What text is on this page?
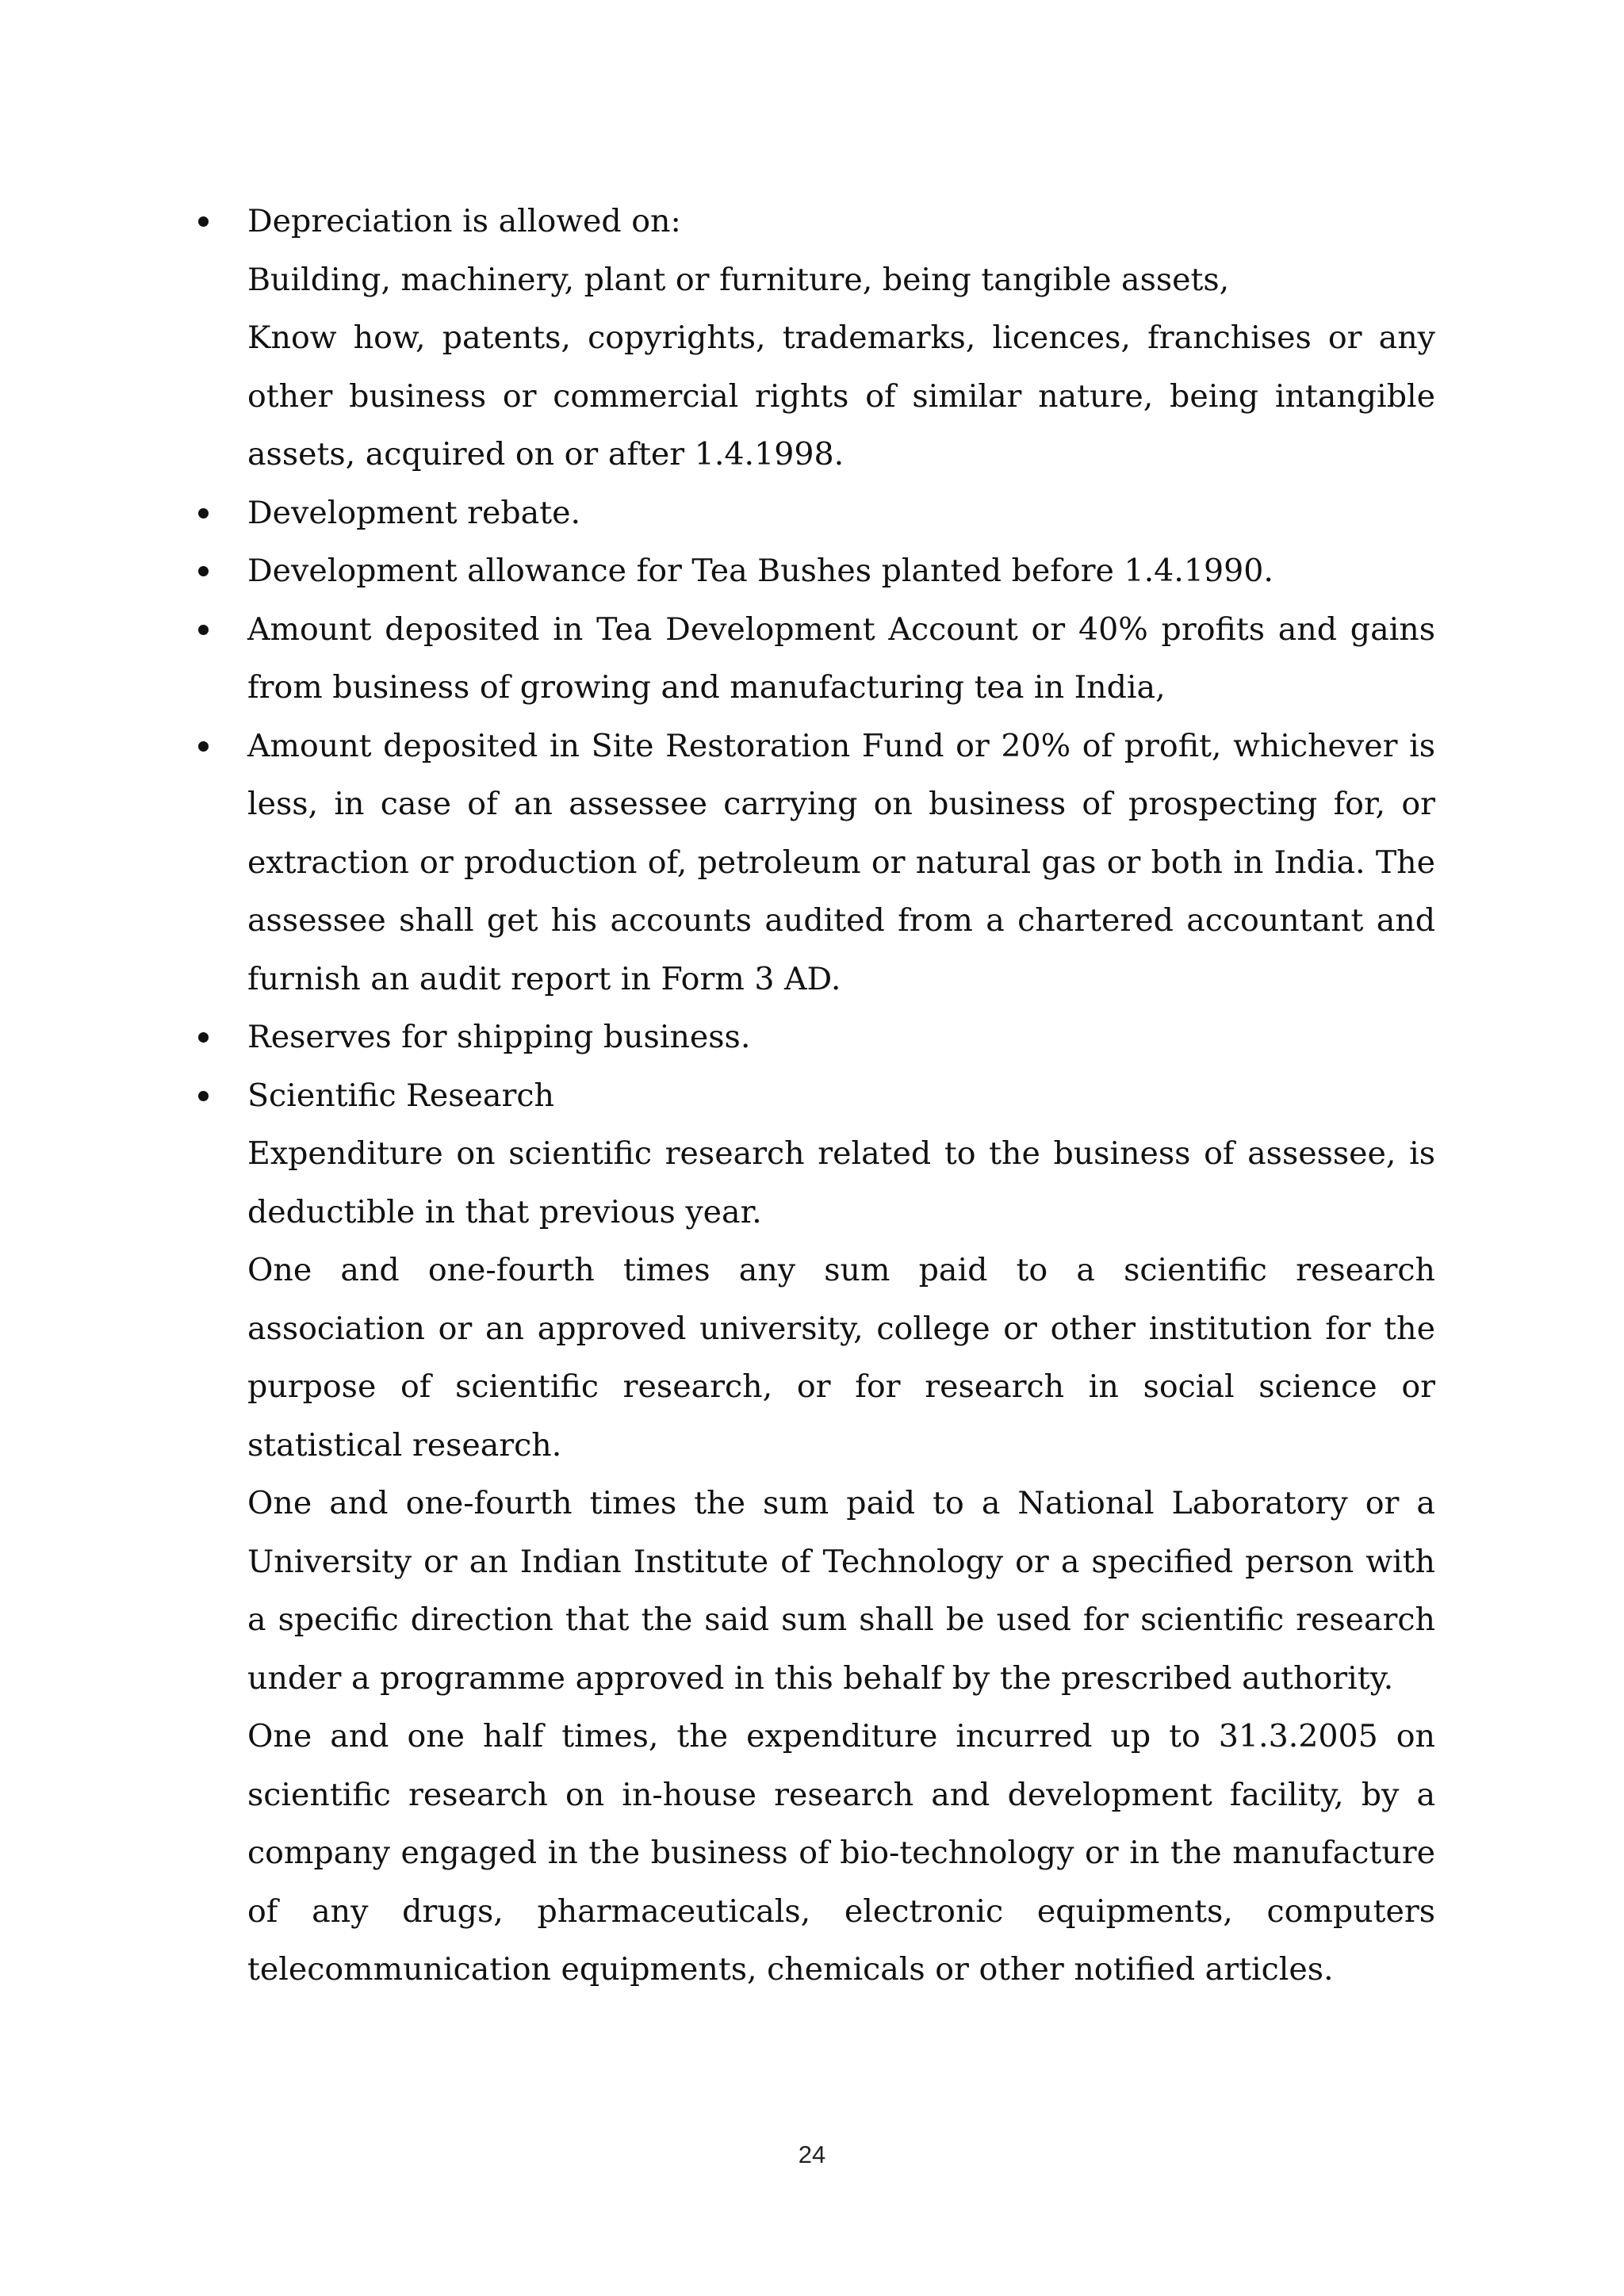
Depreciation is allowed on:
Building, machinery, plant or furniture, being tangible assets,
Know how, patents, copyrights, trademarks, licences, franchises or any other business or commercial rights of similar nature, being intangible assets, acquired on or after 1.4.1998.
Development rebate.
Development allowance for Tea Bushes planted before 1.4.1990.
Amount deposited in Tea Development Account or 40% profits and gains from business of growing and manufacturing tea in India,
Amount deposited in Site Restoration Fund or 20% of profit, whichever is less, in case of an assessee carrying on business of prospecting for, or extraction or production of, petroleum or natural gas or both in India. The assessee shall get his accounts audited from a chartered accountant and furnish an audit report in Form 3 AD.
Reserves for shipping business.
Scientific Research
Expenditure on scientific research related to the business of assessee, is deductible in that previous year.
One and one-fourth times any sum paid to a scientific research association or an approved university, college or other institution for the purpose of scientific research, or for research in social science or statistical research.
One and one-fourth times the sum paid to a National Laboratory or a University or an Indian Institute of Technology or a specified person with a specific direction that the said sum shall be used for scientific research under a programme approved in this behalf by the prescribed authority.
One and one half times, the expenditure incurred up to 31.3.2005 on scientific research on in-house research and development facility, by a company engaged in the business of bio-technology or in the manufacture of any drugs, pharmaceuticals, electronic equipments, computers telecommunication equipments, chemicals or other notified articles.
24
